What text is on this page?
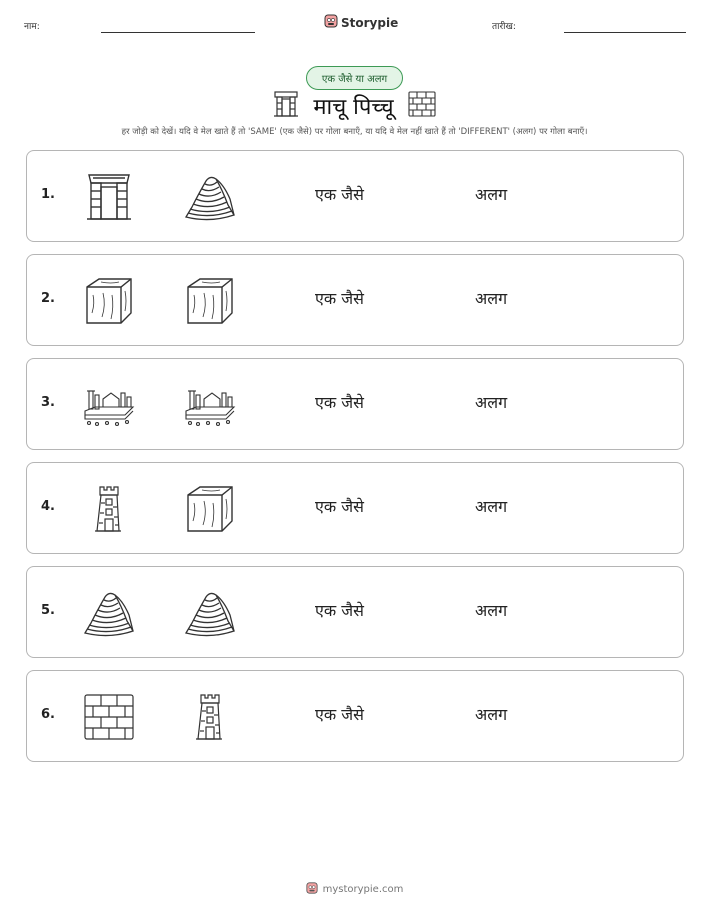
नाम:	Storypie	तारीख:
एक जैसे या अलग
माचू पिच्चू
हर जोड़ी को देखें। यदि वे मेल खाते हैं तो 'SAME' (एक जैसे) पर गोला बनाएँ, या यदि वे मेल नहीं खाते हैं तो 'DIFFERENT' (अलग) पर गोला बनाएँ।
1.	एक जैसे	अलग
2.	एक जैसे	अलग
3.	एक जैसे	अलग
4.	एक जैसे	अलग
5.	एक जैसे	अलग
6.	एक जैसे	अलग
mystorypie.com
